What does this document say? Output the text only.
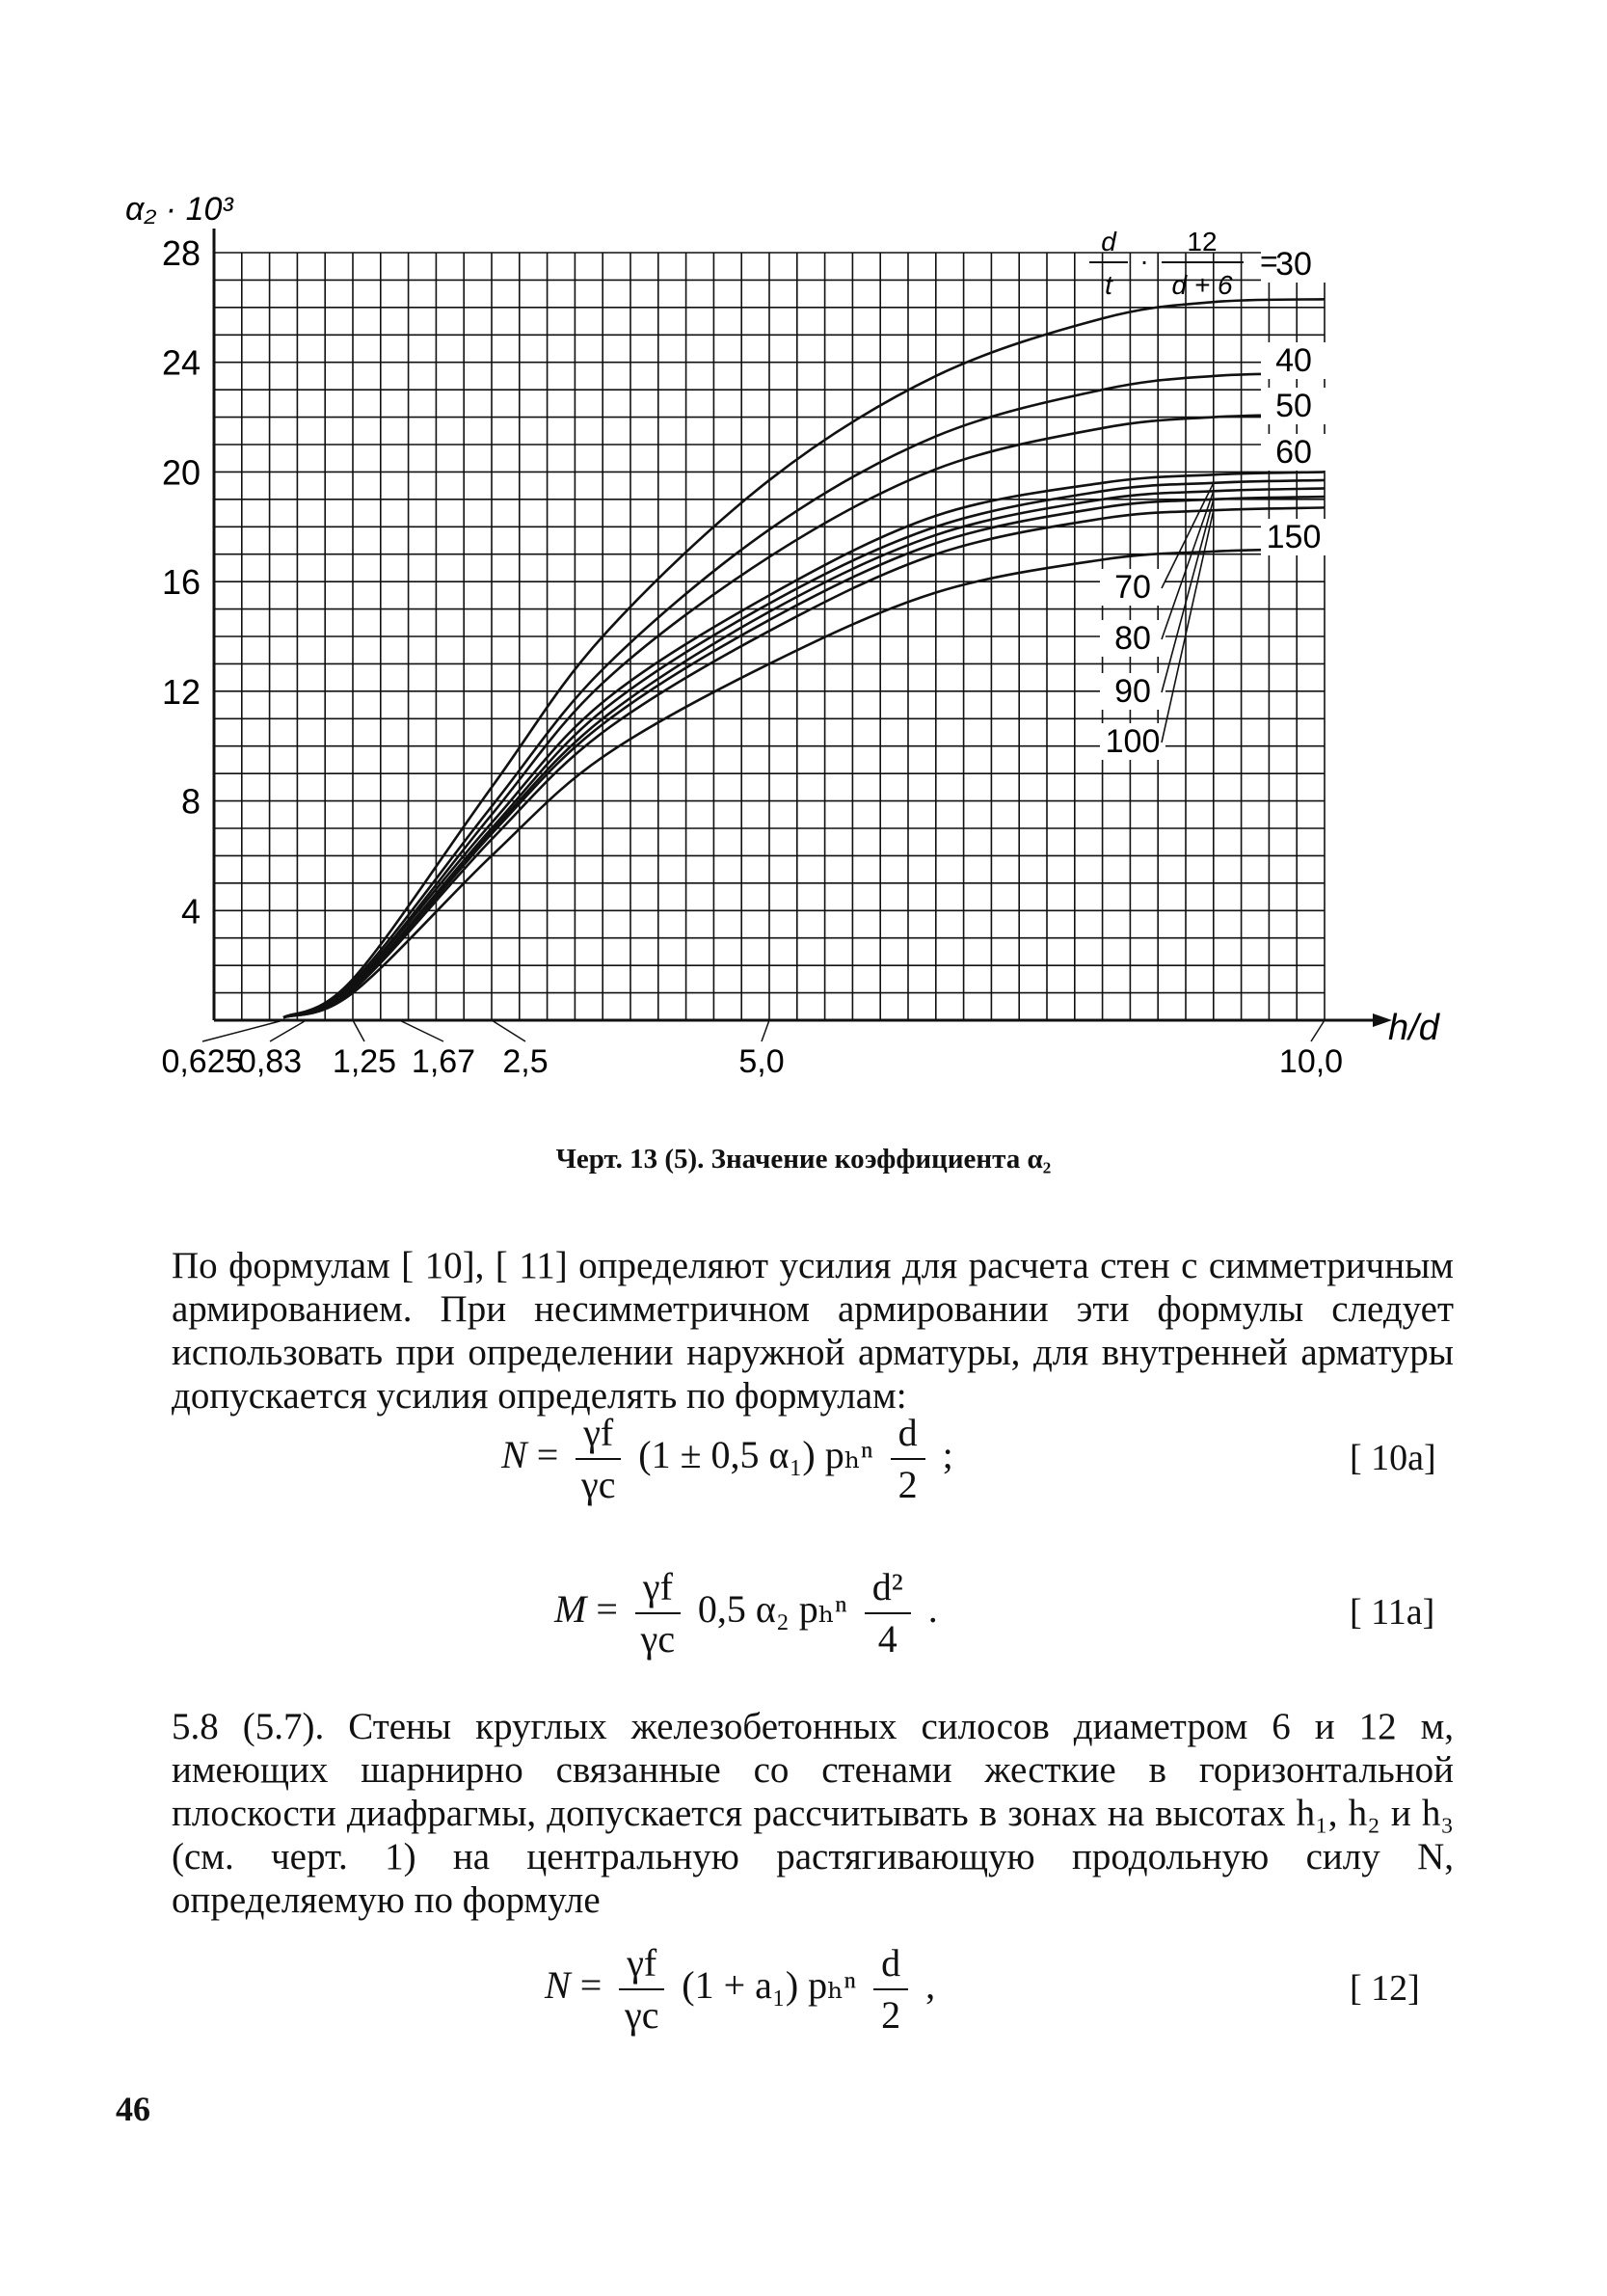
4
8
12
16
20
24
28
0,625
0,83 1,25 1,67 2,5	5,0	10,0
30
40
50
60
70
80
90
100
150
α₂ · 10³
h/d
d
t
·
12
d + 6
=
Черт. 13 (5). Значение коэффициента α₂
По формулам [ 10], [ 11] определяют усилия для расчета стен с симметричным армированием. При несимметричном армировании эти формулы следует использовать при определении наружной арматуры, для внутренней арматуры допускается усилия определять по формулам:
$N = \frac{\gamma f}{\gamma c} (1 \pm 0,5$ α₁) pₕⁿ $\frac{d}{2}$ ;	[ 10a]
$M = \frac{\gamma f}{\gamma c} 0,5$ α₂ pₕⁿ $\frac{\text{d²}}{4}$ .	[ 11a]
5.8 (5.7). Стены круглых железобетонных силосов диаметром 6 и 12 м, имеющих шарнирно связанные со стенами жесткие в горизонтальной плоскости диафрагмы, допускается рассчитывать в зонах на высотах h₁, h₂ и h₃ (см. черт. 1) на центральную растягивающую продольную силу N, определяемую по формуле
$N = \frac{\gamma f}{\gamma c} (1 + a_1)$ pₕⁿ $\frac{d}{2}$ ,	[ 12]
46
